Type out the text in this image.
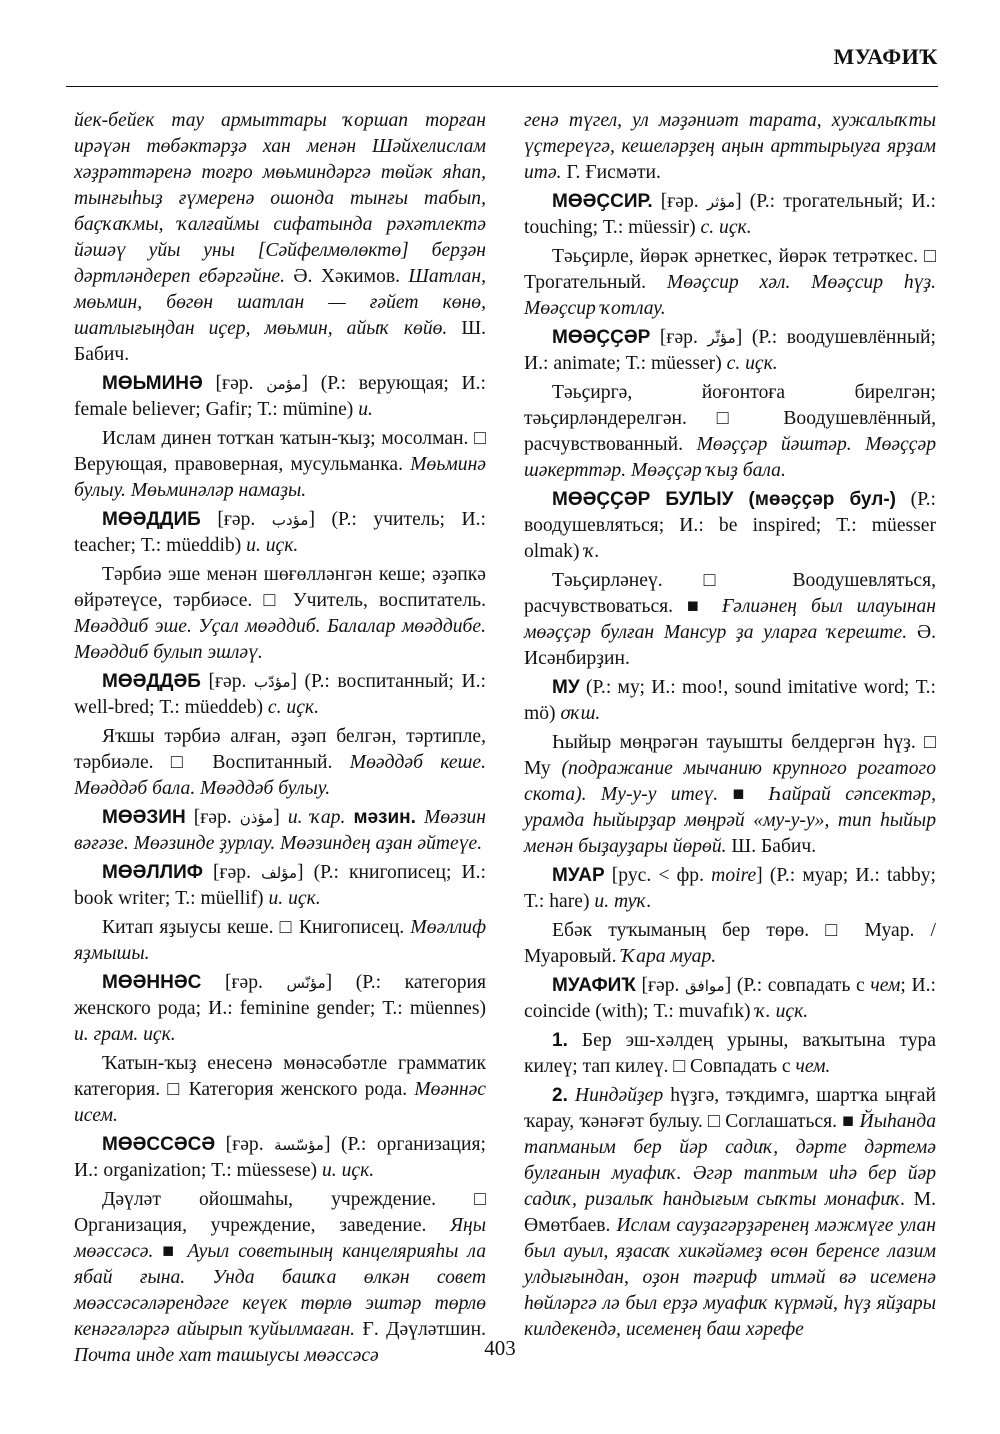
МУАФИҠ

йек-бейек тау армыттары ҡоршап торған ирәүән төбәктәрҙә хан менән Шәйхелислам хәҙрәттәренә тоғро мөьминдәргә төйәк яһап, тынғыһыҙ ғүмеренә ошонда тынғы табып, баҫҡаҡмы, ҡалғаймы сифатында рәхәтлектә йәшәү уйы уны [Сәйфелмөлөктө] берҙән дәртләндереп ебәргәйне. Ә. Хәкимов. Шатлан, мөьмин, бөгөн шатлан — ғәйет көнө, шатлығыңдан иҫер, мөьмин, айыҡ көйө. Ш. Бабич.

МӨЬМИНӘ [ғәр. مؤمن] (Р.: верующая; И.: female believer; Gafir; Т.: mümine) и.

Ислам динен тотҡан ҡатын-ҡыҙ; мосолман. □ Верующая, правоверная, мусульманка. Мөьминә булыу. Мөьминәләр намаҙы.

МӨӘДДИБ [ғәр. مؤدب] (Р.: учитель; И.: teacher; Т.: müeddib) и. иҫк.

Тәрбиә эше менән шөғөлләнгән кеше; әҙәпкә өйрәтеүсе, тәрбиәсе. □ Учитель, воспитатель. Мөәддиб эше. Уҫал мөәддиб. Балалар мөәддибе. Мөәддиб булып эшләү.

МӨӘДДӘБ [ғәр. مؤدّب] (Р.: воспитанный; И.: well-bred; Т.: müeddeb) с. иҫк.

Яҡшы тәрбиә алған, әҙәп белгән, тәртипле, тәрбиәле. □ Воспитанный. Мөәддәб кеше. Мөәддәб бала. Мөәддәб булыу.

МӨӘЗИН [ғәр. مؤذن] и. ҡар. мәзин. Мөәзин вәғәзе. Мөәзинде ҙурлау. Мөәзиндең аҙан әйтеүе.

МӨӘЛЛИФ [ғәр. مؤلف] (Р.: книгописец; И.: book writer; Т.: müellif) и. иҫк.

Китап яҙыусы кеше. □ Книгописец. Мөәллиф яҙмышы.

МӨӘННӘС [ғәр. مؤنّس] (Р.: категория женского рода; И.: feminine gender; Т.: müennes) и. грам. иҫк.

Ҡатын-ҡыҙ енесенә мөнәсәбәтле грамматик категория. □ Категория женского рода. Мөәннәс исем.

МӨӘССӘСӘ [ғәр. مؤسّسة] (Р.: организация; И.: organization; Т.: müessese) и. иҫк.

Дәүләт ойошмаһы, учреждение. □ Организация, учреждение, заведение. Яңы мөәссәсә. ■ Ауыл советының канцелярияһы ла ябай ғына. Унда башҡа өлкән совет мөәссәсәләрендәге кеүек төрлө эштәр төрлө кенәгәләргә айырып ҡуйылмаған. Ғ. Дәүләтшин. Почта инде хат ташыусы мөәссәсә

генә түгел, ул мәҙәниәт тарата, хужалыҡты үҫтереүгә, кешеләрҙең аңын арттырыуға ярҙам итә. Г. Ғисмәти.

МӨӘҪСИР. [ғәр. مؤثر] (Р.: трогательный; И.: touching; Т.: müessir) с. иҫк.

Тәьҫирле, йөрәк әрнеткес, йөрәк тетрәткес. □ Трогательный. Мөәҫсир хәл. Мөәҫсир һүҙ. Мөәҫсир ҡотлау.

МӨӘҪҪӘР [ғәр. مؤثّر] (Р.: воодушевлённый; И.: animate; Т.: müesser) с. иҫк.

Тәьҫиргә, йоғонтоға бирелгән; тәьҫирләндерелгән. □ Воодушевлённый, расчувствованный. Мөәҫҫәр йәштәр. Мөәҫҫәр шәкерттәр. Мөәҫҫәр ҡыҙ бала.

МӨӘҪҪӘР БУЛЫУ (мөәҫҫәр бул-) (Р.: воодушевляться; И.: be inspired; Т.: müesser olmak) ҡ.

Тәьҫирләнеү. □ Воодушевляться, расчувствоваться. ■ Ғәлиәнең был илауынан мөәҫҫәр булған Мансур ҙа уларға ҡереште. Ә. Исәнбирҙин.

МУ (Р.: му; И.: moo!, sound imitative word; Т.: mö) оҡш.

Һыйыр мөңрәгән тауышты белдергән һүҙ. □ Му (подражание мычанию крупного рогатого скота). Му-у-у итеү. ■ Һайрай сәпсектәр, урамда һыйырҙар мөңрәй «му-у-у», тип һыйыр менән быҙауҙары йөрөй. Ш. Бабич.

МУАР [рус. < фр. moire] (Р.: муар; И.: tabby; Т.: hare) и. туҡ.

Ебәк туҡыманың бер төрө. □ Муар. / Муаровый. Ҡара муар.

МУАФИҠ [ғәр. موافق] (Р.: совпадать с чем; И.: coincide (with); Т.: muvafık) ҡ. иҫк.

1. Бер эш-хәлдең урыны, ваҡытына тура килеү; тап килеү. □ Совпадать с чем.

2. Ниндәйҙер һүҙгә, тәҡдимгә, шартҡа ыңғай ҡарау, ҡәнәғәт булыу. □ Соглашаться. ■ Йыһанда тапманым бер йәр садиҡ, дәрте дәртемә булғанын муафиҡ. Әгәр таптым иһә бер йәр садиҡ, ризалыҡ һандығым сыҡты монафиҡ. М. Өмөтбаев. Ислам сауҙагәрҙәренең мәжмүғе улан был ауыл, яҙасаҡ хикәйәмеҙ өсөн беренсе лазим улдығындан, оҙон тәғриф итмәй вә исеменә һөйләргә лә был ерҙә муафиҡ күрмәй, һүҙ яйҙары килдекендә, исеменең баш хәрефе

403
